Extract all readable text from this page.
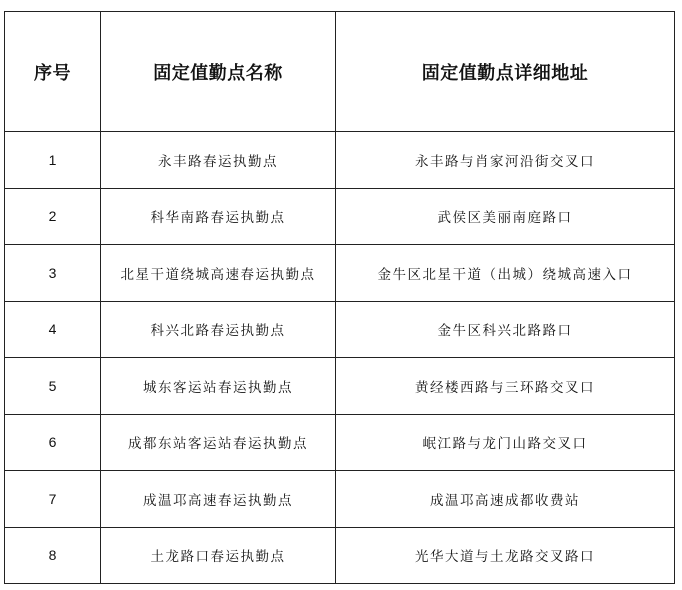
序号	固定值勤点名称	固定值勤点详细地址
1	永丰路春运执勤点	永丰路与肖家河沿街交叉口
2	科华南路春运执勤点	武侯区美丽南庭路口
3	北星干道绕城高速春运执勤点	金牛区北星干道（出城）绕城高速入口
4	科兴北路春运执勤点	金牛区科兴北路路口
5	城东客运站春运执勤点	黄经楼西路与三环路交叉口
6	成都东站客运站春运执勤点	岷江路与龙门山路交叉口
7	成温邛高速春运执勤点	成温邛高速成都收费站
8	土龙路口春运执勤点	光华大道与土龙路交叉路口
